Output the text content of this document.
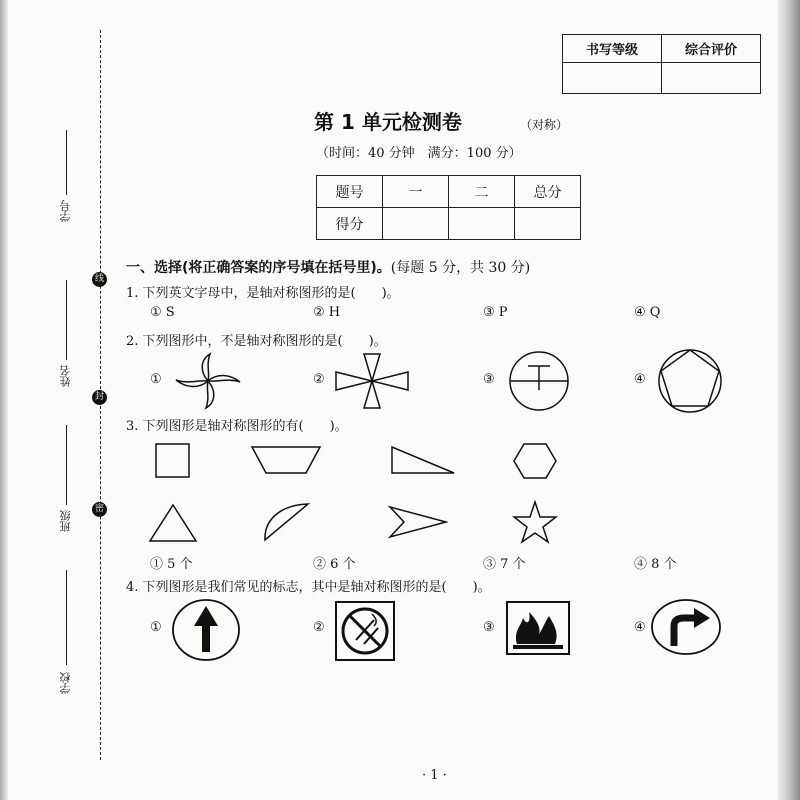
线
封
密
学号
姓名
班级
学校
书写等级	综合评价

第 1 单元检测卷	（对称）
（时间：40 分钟　满分：100 分）
题号	一	二	总分
得分			
一、选择(将正确答案的序号填在括号里)。(每题 5 分，共 30 分)
1. 下列英文字母中，是轴对称图形的是(　　)。
① S	② H	③ P	④ Q
2. 下列图形中，不是轴对称图形的是(　　)。
①	②	③	④
3. 下列图形是轴对称图形的有(　　)。
① 5 个	② 6 个	③ 7 个	④ 8 个
4. 下列图形是我们常见的标志，其中是轴对称图形的是(　　)。
①	②	③	④
· 1 ·
